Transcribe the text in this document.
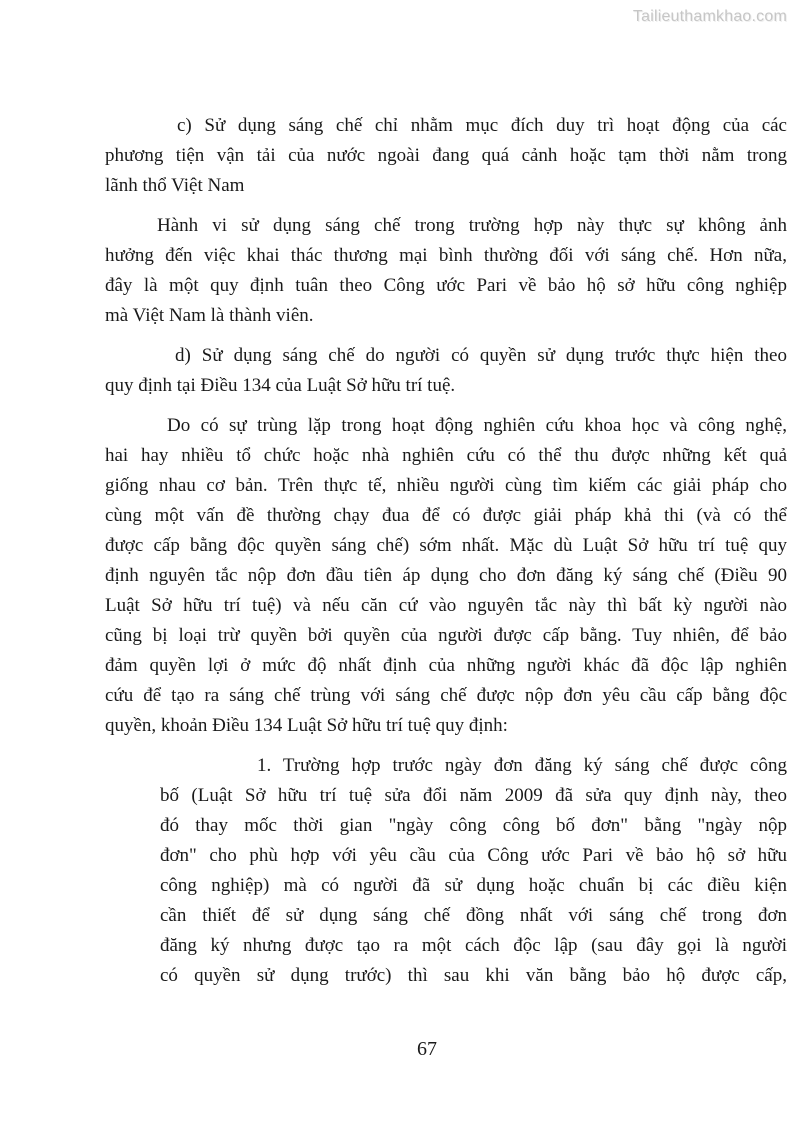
Tailieuthamkhao.com
c) Sử dụng sáng chế chỉ nhằm mục đích duy trì hoạt động của các
phương tiện vận tải của nước ngoài đang quá cảnh hoặc tạm thời nằm trong
lãnh thổ Việt Nam
Hành vi sử dụng sáng chế trong trường hợp này thực sự không ảnh
hưởng đến việc khai thác thương mại bình thường đối với sáng chế. Hơn nữa,
đây là một quy định tuân theo Công ước Pari về bảo hộ sở hữu công nghiệp
mà Việt Nam là thành viên.
d) Sử dụng sáng chế do người có quyền sử dụng trước thực hiện theo
quy định tại Điều 134 của Luật Sở hữu trí tuệ.
Do có sự trùng lặp trong hoạt động nghiên cứu khoa học và công nghệ,
hai hay nhiều tổ chức hoặc nhà nghiên cứu có thể thu được những kết quả
giống nhau cơ bản. Trên thực tế, nhiều người cùng tìm kiếm các giải pháp cho
cùng một vấn đề thường chạy đua để có được giải pháp khả thi (và có thể
được cấp bằng độc quyền sáng chế) sớm nhất. Mặc dù Luật Sở hữu trí tuệ quy
định nguyên tắc nộp đơn đầu tiên áp dụng cho đơn đăng ký sáng chế (Điều 90
Luật Sở hữu trí tuệ) và nếu căn cứ vào nguyên tắc này thì bất kỳ người nào
cũng bị loại trừ quyền bởi quyền của người được cấp bằng. Tuy nhiên, để bảo
đảm quyền lợi ở mức độ nhất định của những người khác đã độc lập nghiên
cứu để tạo ra sáng chế trùng với sáng chế được nộp đơn yêu cầu cấp bằng độc
quyền, khoản Điều 134 Luật Sở hữu trí tuệ quy định:
1. Trường hợp trước ngày đơn đăng ký sáng chế được công
bố (Luật Sở hữu trí tuệ sửa đổi năm 2009 đã sửa quy định này, theo
đó thay mốc thời gian "ngày công công bố đơn" bằng "ngày nộp
đơn" cho phù hợp với yêu cầu của Công ước Pari về bảo hộ sở hữu
công nghiệp) mà có người đã sử dụng hoặc chuẩn bị các điều kiện
cần thiết để sử dụng sáng chế đồng nhất với sáng chế trong đơn
đăng ký nhưng được tạo ra một cách độc lập (sau đây gọi là người
có quyền sử dụng trước) thì sau khi văn bằng bảo hộ được cấp,
67
